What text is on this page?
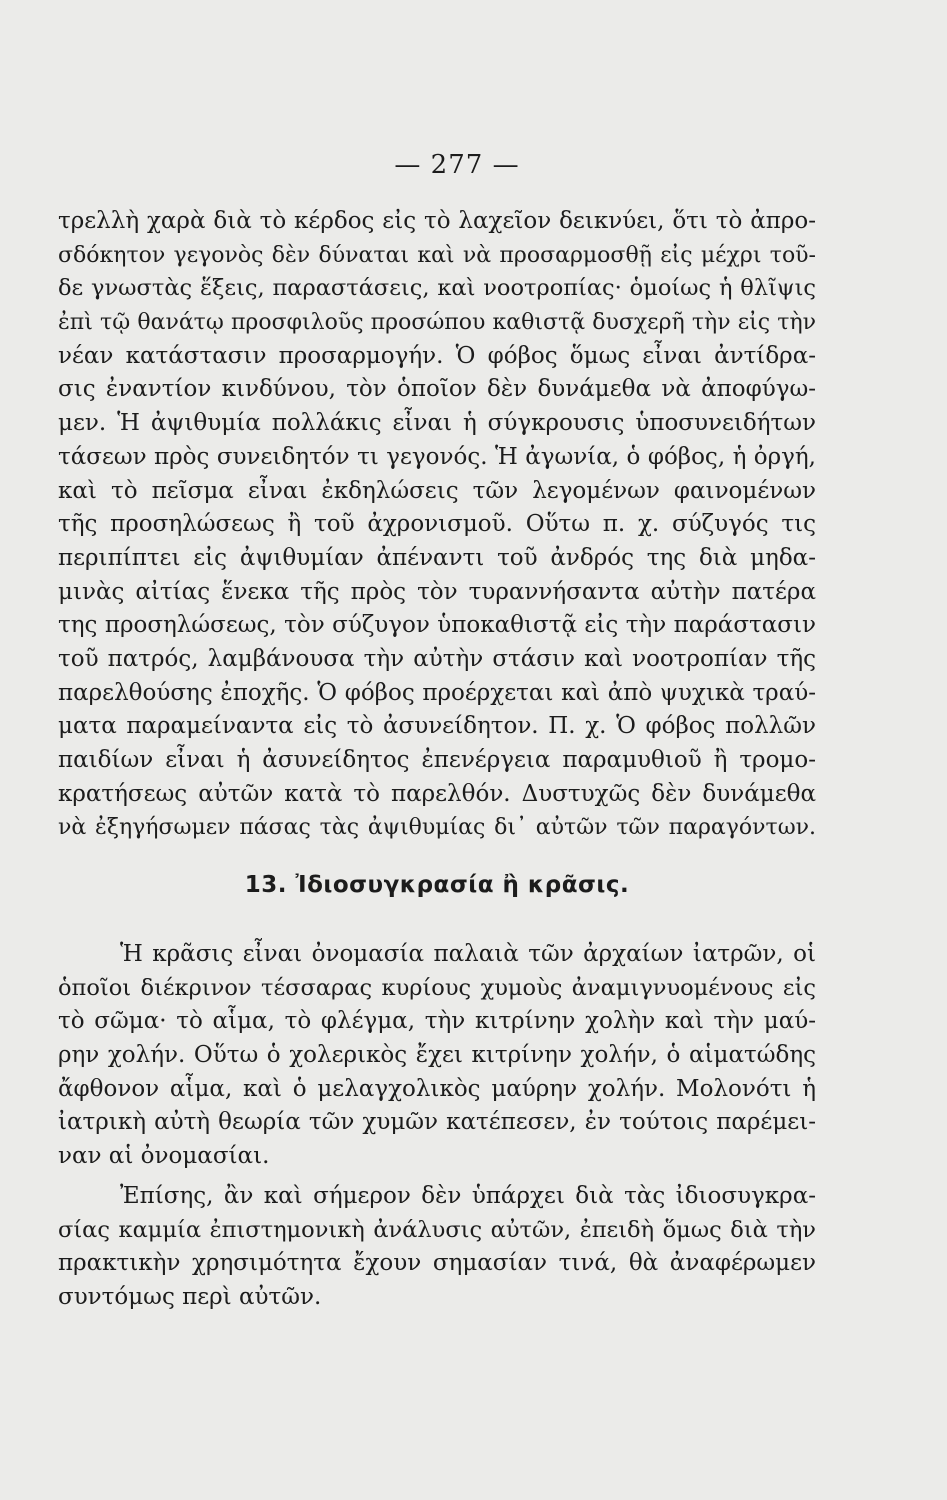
— 277 —
τρελλὴ χαρὰ διὰ τὸ κέρδος εἰς τὸ λαχεῖον δεικνύει, ὅτι τὸ ἀπρο-
σδόκητον γεγονὸς δὲν δύναται καὶ νὰ προσαρμοσθῇ εἰς μέχρι τοῦ-
δε γνωστὰς ἕξεις, παραστάσεις, καὶ νοοτροπίας· ὁμοίως ἡ θλῖψις
ἐπὶ τῷ θανάτῳ προσφιλοῦς προσώπου καθιστᾷ δυσχερῆ τὴν εἰς τὴν
νέαν κατάστασιν προσαρμογήν. Ὁ φόβος ὅμως εἶναι ἀντίδρα-
σις ἐναντίον κινδύνου, τὸν ὁποῖον δὲν δυνάμεθα νὰ ἀποφύγω-
μεν. Ἡ ἀψιθυμία πολλάκις εἶναι ἡ σύγκρουσις ὑποσυνειδήτων
τάσεων πρὸς συνειδητόν τι γεγονός. Ἡ ἀγωνία, ὁ φόβος, ἡ ὀργή,
καὶ τὸ πεῖσμα εἶναι ἐκδηλώσεις τῶν λεγομένων φαινομένων
τῆς προσηλώσεως ἢ τοῦ ἀχρονισμοῦ. Οὕτω π. χ. σύζυγός τις
περιπίπτει εἰς ἀψιθυμίαν ἀπέναντι τοῦ ἀνδρός της διὰ μηδα-
μινὰς αἰτίας ἕνεκα τῆς πρὸς τὸν τυραννήσαντα αὐτὴν πατέρα
της προσηλώσεως, τὸν σύζυγον ὑποκαθιστᾷ εἰς τὴν παράστασιν
τοῦ πατρός, λαμβάνουσα τὴν αὐτὴν στάσιν καὶ νοοτροπίαν τῆς
παρελθούσης ἐποχῆς. Ὁ φόβος προέρχεται καὶ ἀπὸ ψυχικὰ τραύ-
ματα παραμείναντα εἰς τὸ ἀσυνείδητον. Π. χ. Ὁ φόβος πολλῶν
παιδίων εἶναι ἡ ἀσυνείδητος ἐπενέργεια παραμυθιοῦ ἢ τρομο-
κρατήσεως αὐτῶν κατὰ τὸ παρελθόν. Δυστυχῶς δὲν δυνάμεθα
νὰ ἐξηγήσωμεν πάσας τὰς ἀψιθυμίας δι᾽ αὐτῶν τῶν παραγόντων.
13. Ἰδιοσυγκρασία ἢ κρᾶσις.
Ἡ κρᾶσις εἶναι ὀνομασία παλαιὰ τῶν ἀρχαίων ἰατρῶν, οἱ
ὁποῖοι διέκρινον τέσσαρας κυρίους χυμοὺς ἀναμιγνυομένους εἰς
τὸ σῶμα· τὸ αἷμα, τὸ φλέγμα, τὴν κιτρίνην χολὴν καὶ τὴν μαύ-
ρην χολήν. Οὕτω ὁ χολερικὸς ἔχει κιτρίνην χολήν, ὁ αἱματώδης
ἄφθονον αἷμα, καὶ ὁ μελαγχολικὸς μαύρην χολήν. Μολονότι ἡ
ἰατρικὴ αὐτὴ θεωρία τῶν χυμῶν κατέπεσεν, ἐν τούτοις παρέμει-
ναν αἱ ὀνομασίαι.
Ἐπίσης, ἂν καὶ σήμερον δὲν ὑπάρχει διὰ τὰς ἰδιοσυγκρα-
σίας καμμία ἐπιστημονικὴ ἀνάλυσις αὐτῶν, ἐπειδὴ ὅμως διὰ τὴν
πρακτικὴν χρησιμότητα ἔχουν σημασίαν τινά, θὰ ἀναφέρωμεν
συντόμως περὶ αὐτῶν.
